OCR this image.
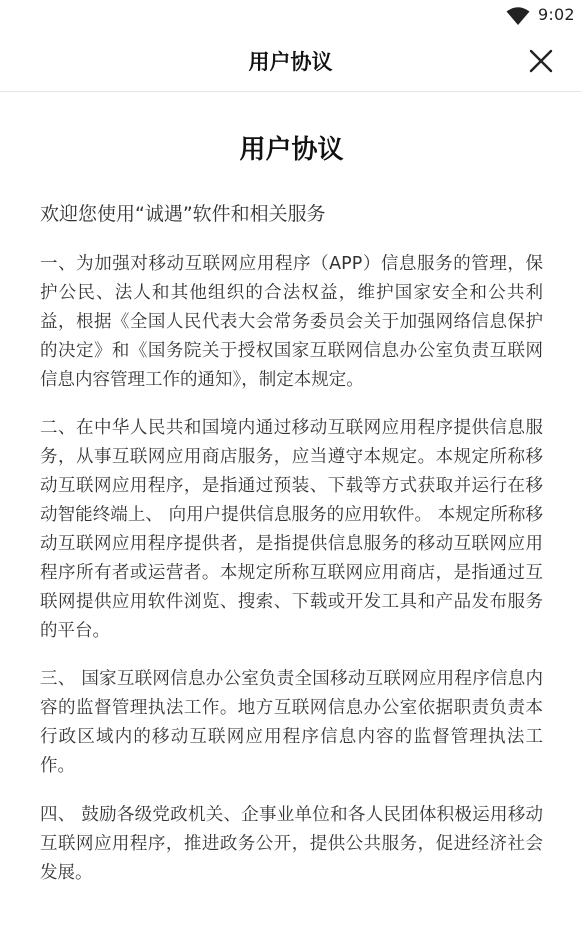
9:02
用户协议
用户协议
欢迎您使用“诚遇”软件和相关服务

一、为加强对移动互联网应用程序（APP）信息服务的管理，保护公民、法人和其他组织的合法权益，维护国家安全和公共利益，根据《全国人民代表大会常务委员会关于加强网络信息保护的决定》和《国务院关于授权国家互联网信息办公室负责互联网信息内容管理工作的通知》，制定本规定。

二、在中华人民共和国境内通过移动互联网应用程序提供信息服务，从事互联网应用商店服务，应当遵守本规定。本规定所称移动互联网应用程序，是指通过预装、下载等方式获取并运行在移动智能终端上、 向用户提供信息服务的应用软件。 本规定所称移动互联网应用程序提供者，是指提供信息服务的移动互联网应用程序所有者或运营者。本规定所称互联网应用商店，是指通过互联网提供应用软件浏览、搜索、下载或开发工具和产品发布服务的平台。

三、 国家互联网信息办公室负责全国移动互联网应用程序信息内容的监督管理执法工作。地方互联网信息办公室依据职责负责本行政区域内的移动互联网应用程序信息内容的监督管理执法工作。

四、 鼓励各级党政机关、企事业单位和各人民团体积极运用移动互联网应用程序，推进政务公开，提供公共服务，促进经济社会发展。
